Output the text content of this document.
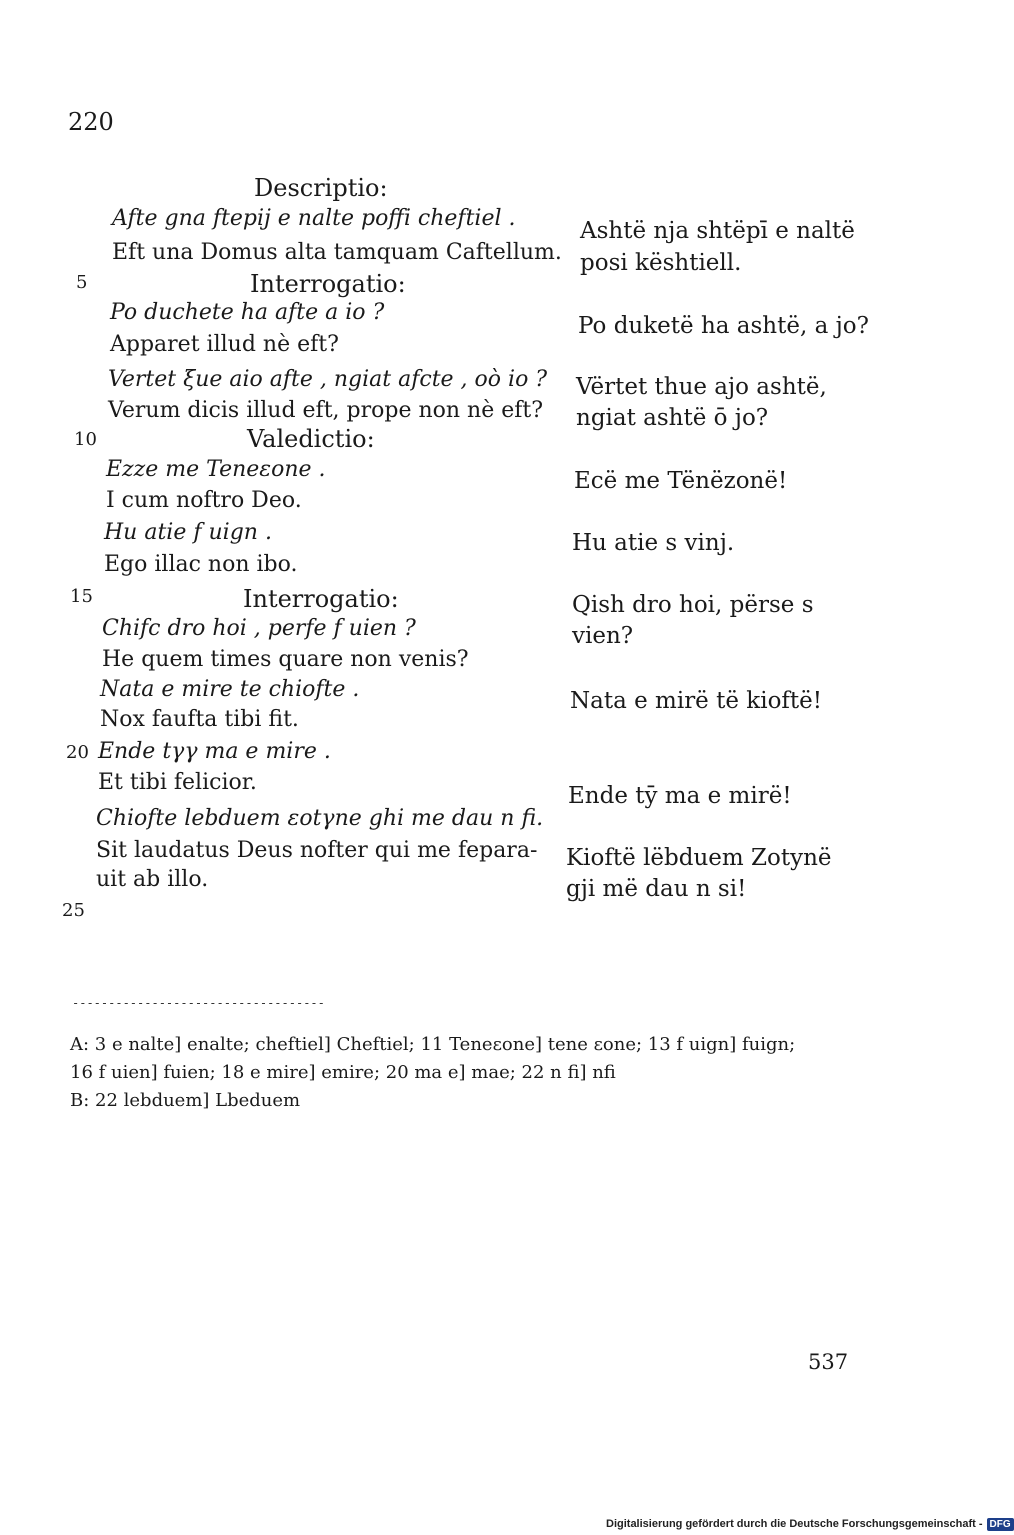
220
Descriptio:
Interrogatio:
Valedictio:
Interrogatio:
5
10
15
20
25
Afte gna ftepij e nalte poffi cheftiel .
Eft una Domus alta tamquam Caftellum.
Po duchete ha afte a io ?
Apparet illud nè eft?
Vertet ξue aio afte , ngiat afcte , oò io ?
Verum dicis illud eft, prope non nè eft?
Ezze me Teneεone .
I cum noftro Deo.
Hu atie f uign .
Ego illac non ibo.
Chifc dro hoi , perfe f uien ?
He quem times quare non venis?
Nata e mire te chiofte .
Nox faufta tibi fit.
Ende tγγ ma e mire .
Et tibi felicior.
Chiofte lebduem εotγne ghi me dau n fi.
Sit laudatus Deus nofter qui me fepara-
uit ab illo.
Ashtë nja shtëpī e naltë
posi kështiell.
Po duketë ha ashtë, a jo?
Vërtet thue ajo ashtë,
ngiat ashtë ō jo?
Ecë me Tënëzonë!
Hu atie s vinj.
Qish dro hoi, përse s
vien?
Nata e mirë të kioftë!
Ende tȳ ma e mirë!
Kioftë lëbduem Zotynë
gji më dau n si!
-----------------------------------
A: 3 e nalte] enalte; cheftiel] Cheftiel; 11 Teneεone] tene εone; 13 f uign] fuign;
16 f uien] fuien; 18 e mire] emire; 20 ma e] mae; 22 n fi] nfi
B: 22 lebduem] Lbeduem
537
Digitalisierung gefördert durch die Deutsche Forschungsgemeinschaft - DFG
